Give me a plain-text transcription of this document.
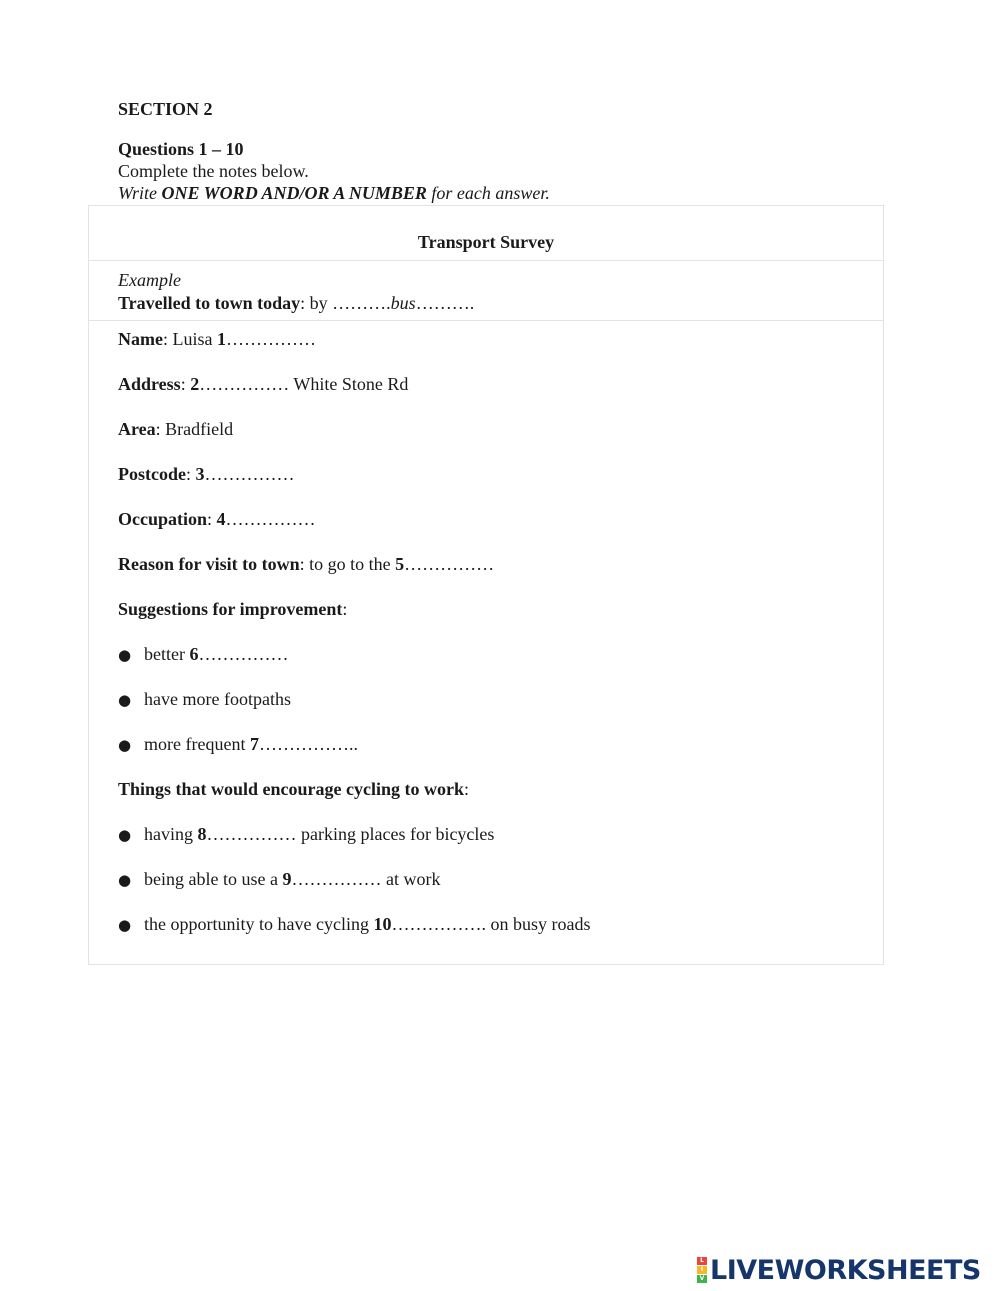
SECTION 2
Questions 1 – 10
Complete the notes below.
Write ONE WORD AND/OR A NUMBER for each answer.
Transport Survey
Example
Travelled to town today: by ……….bus……….
Name: Luisa 1……………
Address: 2…………… White Stone Rd
Area: Bradfield
Postcode: 3……………
Occupation: 4……………
Reason for visit to town: to go to the 5……………
Suggestions for improvement:
● better 6……………
● have more footpaths
● more frequent 7……………..
Things that would encourage cycling to work:
● having 8…………… parking places for bicycles
● being able to use a 9…………… at work
● the opportunity to have cycling 10……………. on busy roads
L
I
V LIVEWORKSHEETS
